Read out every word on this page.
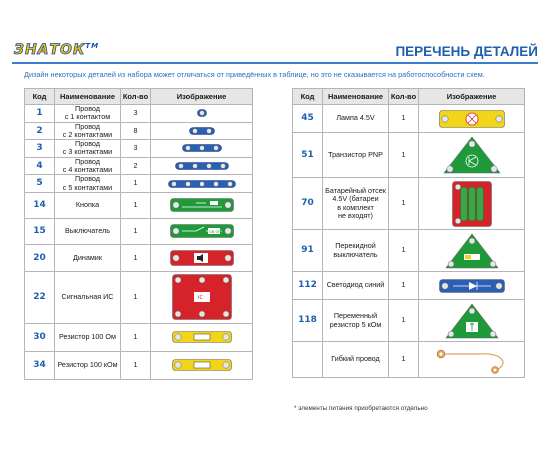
ЗНАТОК™	ПЕРЕЧЕНЬ ДЕТАЛЕЙ
Дизайн некоторых деталей из набора может отличаться от приведённых в таблице, но это не сказывается на работоспособности схем.
Код	Наименование	Кол-во	Изображение
1	Провод
с 1 контактом	3	

2	Провод
с 2 контактами	8	

3	Провод
с 3 контактами	3	

4	Провод
с 4 контактами	2	

5	Провод
с 5 контактами	1	

14	Кнопка	1	

15	Выключатель	1	ON OFF

20	Динамик	1	

22	Сигнальная ИС	1	IC

30	Резистор 100 Ом	1	

34	Резистор 100 кОм	1	
Код	Наименование	Кол-во	Изображение
45	Лампа 4.5V	1	

51	Транзистор PNP	1	

70	Батарейный отсек
4.5V (батареи
в комплект
не входят)	1	

91	Перекидной
выключатель	1	

112	Светодиод синий	1	

118	Переменный
резистор 5 кОм	1	

	Гибкий провод	1	
* элементы питания приобретаются отдельно
